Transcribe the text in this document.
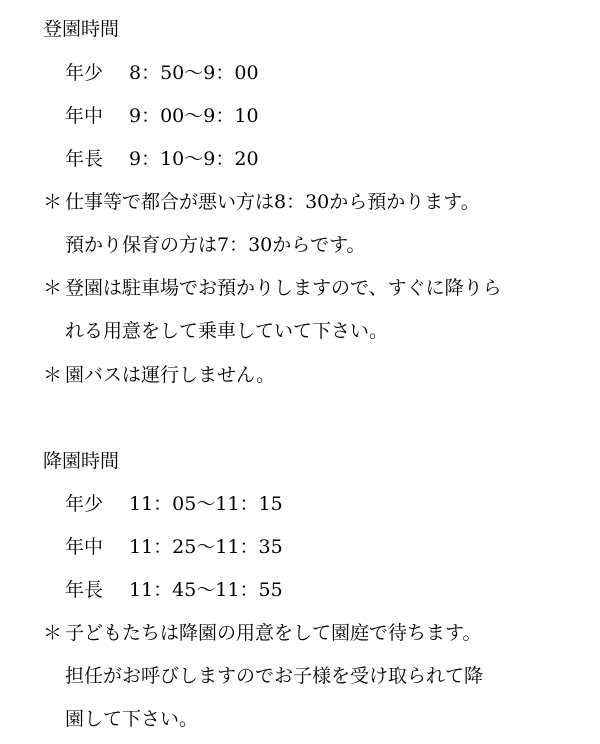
登園時間
年少 8：50〜9：00
年中 9：00〜9：10
年長 9：10〜9：20
＊ 仕事等で都合が悪い方は8：30から預かります。
預かり保育の方は7：30からです。
＊ 登園は駐車場でお預かりしますので、すぐに降りら
れる用意をして乗車していて下さい。
＊ 園バスは運行しません。
降園時間
年少 11：05〜11：15
年中 11：25〜11：35
年長 11：45〜11：55
＊ 子どもたちは降園の用意をして園庭で待ちます。
担任がお呼びしますのでお子様を受け取られて降
園して下さい。
